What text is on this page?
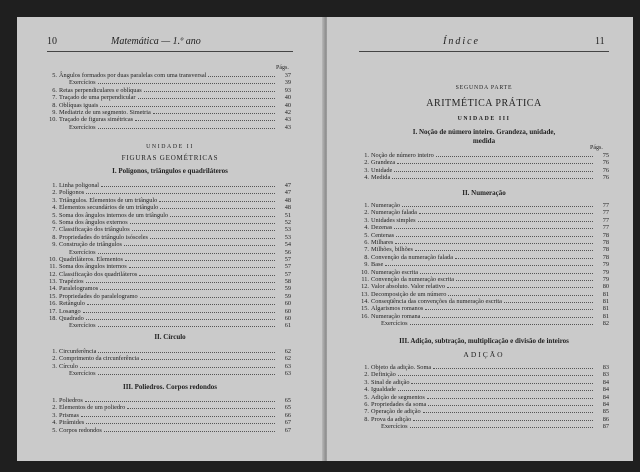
10	Matemática — 1.º ano
Págs.
5. Ângulos formados por duas paralelas com uma transversal	37
Exercícios	39
6. Retas perpendiculares e oblíquas	93
7. Traçado de uma perpendicular	40
8. Oblíquas iguais	40
9. Mediatriz de um segmento. Simetria	42
10. Traçado de figuras simétricas	43
Exercícios	43
UNIDADE II
FIGURAS GEOMÉTRICAS
I. Polígonos, triângulos e quadriláteros
1. Linha poligonal	47
2. Polígonos	47
3. Triângulos. Elementos de um triângulo	48
4. Elementos secundários de um triângulo	48
5. Soma dos ângulos internos de um triângulo	51
6. Soma dos ângulos externos	52
7. Classificação dos triângulos	53
8. Propriedades do triângulo isósceles	53
9. Construção de triângulos	54
Exercícios	56
10. Quadriláteros. Elementos	57
11. Soma dos ângulos internos	57
12. Classificação dos quadriláteros	57
13. Trapézios	58
14. Paralelogramos	59
15. Propriedades do paralelogramo	59
16. Retângulo	60
17. Losango	60
18. Quadrado	60
Exercícios	61
II. Círculo
1. Circunferência	62
2. Comprimento da circunferência	62
3. Círculo	63
Exercícios	63
III. Poliedros. Corpos redondos
1. Poliedros	65
2. Elementos de um poliedro	65
3. Prismas	66
4. Pirâmides	67
5. Corpos redondos	67
Índice	11
SEGUNDA PARTE
ARITMÉTICA PRÁTICA
UNIDADE III
I. Noção de número inteiro. Grandeza, unidade,
medida
Págs.
1. Noção de número inteiro	75
2. Grandeza	76
3. Unidade	76
4. Medida	76
II. Numeração
1. Numeração	77
2. Numeração falada	77
3. Unidades simples	77
4. Dezenas	77
5. Centenas	78
6. Milhares	78
7. Milhões, bilhões	78
8. Convenção da numeração falada	78
9. Base	79
10. Numeração escrita	79
11. Convenção da numeração escrita	79
12. Valor absoluto. Valor relativo	80
13. Decomposição de um número	81
14. Conseqüência das convenções da numeração escrita	81
15. Algarismos romanos	81
16. Numeração romana	81
Exercícios	82
III. Adição, subtração, multiplicação e divisão de inteiros
ADIÇÃO
1. Objeto da adição. Soma	83
2. Definição	83
3. Sinal de adição	84
4. Igualdade	84
5. Adição de segmentos	84
6. Propriedades da soma	84
7. Operação de adição	85
8. Prova da adição	86
Exercícios	87
